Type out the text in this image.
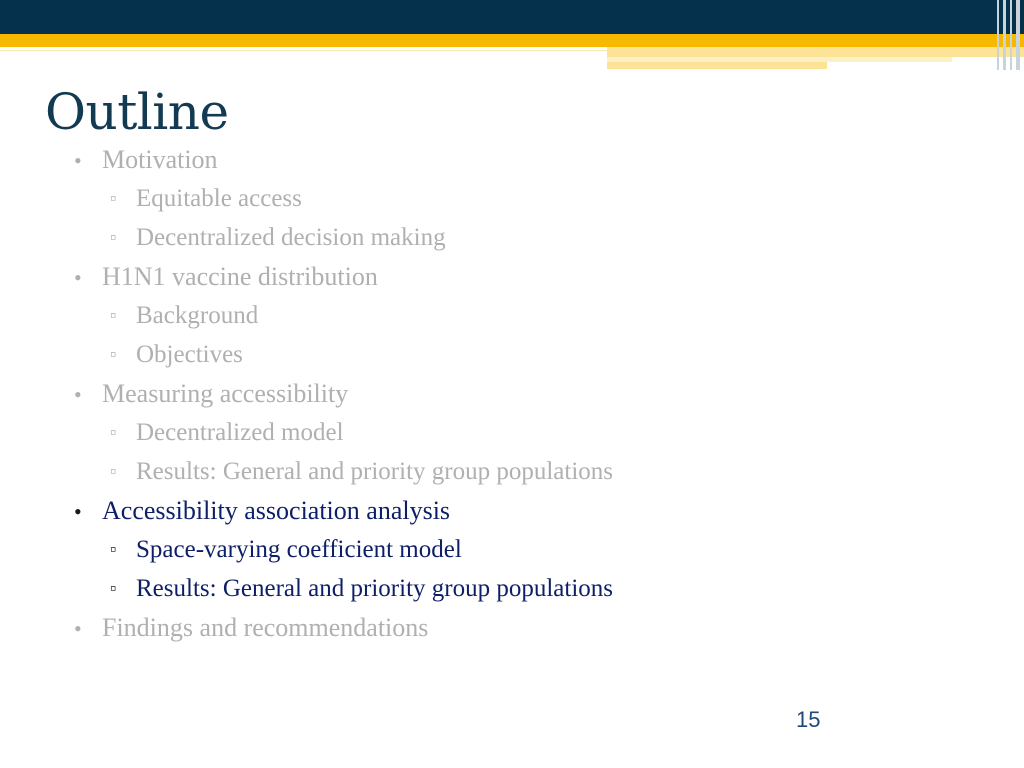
Outline
• Motivation
▫ Equitable access
▫ Decentralized decision making
• H1N1 vaccine distribution
▫ Background
▫ Objectives
• Measuring accessibility
▫ Decentralized model
▫ Results: General and priority group populations
• Accessibility association analysis
▫ Space-varying coefficient model
▫ Results: General and priority group populations
• Findings and recommendations
15
